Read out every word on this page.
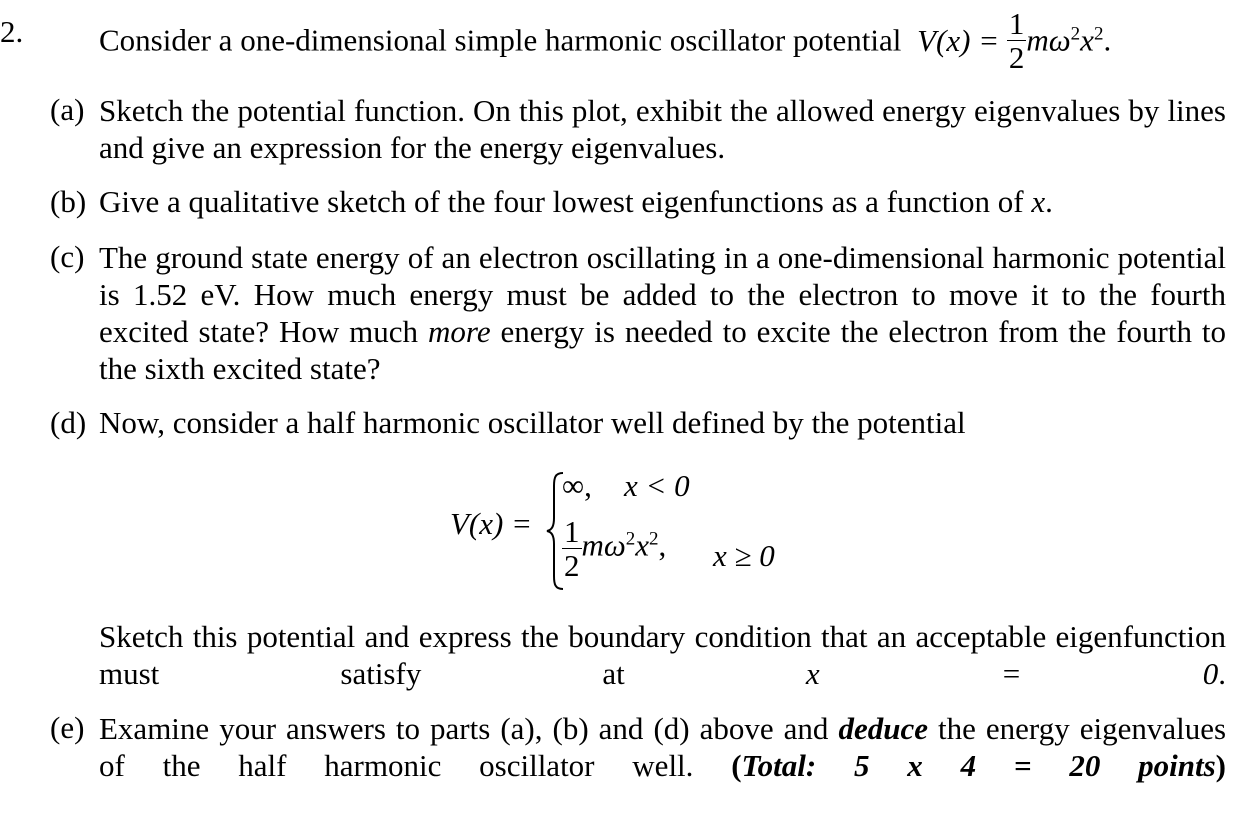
2. Consider a one-dimensional simple harmonic oscillator potential $V(x) = \frac{1}{2} m\omega^2x^2$.
(a) Sketch the potential function. On this plot, exhibit the allowed energy eigenvalues by lines and give an expression for the energy eigenvalues.
(b) Give a qualitative sketch of the four lowest eigenfunctions as a function of x.
(c) The ground state energy of an electron oscillating in a one-dimensional harmonic potential is 1.52 eV. How much energy must be added to the electron to move it to the fourth excited state? How much more energy is needed to excite the electron from the fourth to the sixth excited state?
(d) Now, consider a half harmonic oscillator well defined by the potential
V(x) =
∞, x < 0
$\frac{1}{2} m\omega^2x^2$, x ≥ 0
Sketch this potential and express the boundary condition that an acceptable eigenfunction must satisfy at	x = 0.
(e) Examine your answers to parts (a), (b) and (d) above and deduce the energy eigenvalues of the half harmonic oscillator well. (Total: 5 x 4 = 20 points)
